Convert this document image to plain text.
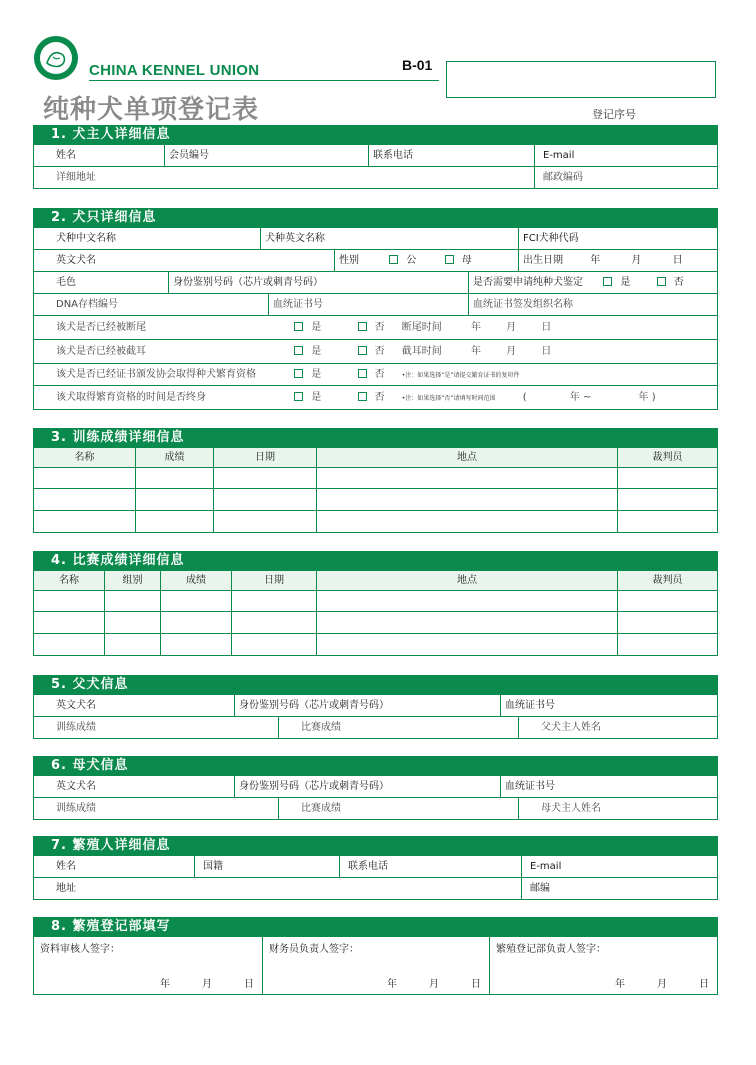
CHINA KENNEL UNION	B-01
登记序号
纯种犬单项登记表
1. 犬主人详细信息
姓名	会员编号	联系电话	E-mail
详细地址	邮政编码
2. 犬只详细信息
犬种中文名称	犬种英文名称	FCI犬种代码
英文犬名	性别	公	母	出生日期	年	月	日
毛色	身份鉴别号码（芯片或刺青号码）	是否需要申请纯种犬鉴定	是	否
DNA存档编号	血统证书号	血统证书签发组织名称
该犬是否已经被断尾	是	否 断尾时间	年	月	日
该犬是否已经被截耳	是	否 截耳时间	年	月	日
该犬是否已经证书颁发协会取得种犬繁育资格	是	否	•注：如果选择“是”请提交繁育证书的复印件
该犬取得繁育资格的时间是否终身	是	否	•注：如果选择“否”请填写时间范围	(	年 ~	年 )
3. 训练成绩详细信息
名称	成绩	日期	地点	裁判员
4. 比赛成绩详细信息
名称	组别	成绩	日期	地点	裁判员
5. 父犬信息
英文犬名	身份鉴别号码（芯片或刺青号码）	血统证书号
训练成绩	比赛成绩	父犬主人姓名
6. 母犬信息
英文犬名	身份鉴别号码（芯片或刺青号码）	血统证书号
训练成绩	比赛成绩	母犬主人姓名
7. 繁殖人详细信息
姓名	国籍	联系电话	E-mail
地址	邮编
8. 繁殖登记部填写
资料审核人签字：
年	月	日
财务员负责人签字：
年	月	日
繁殖登记部负责人签字：
年	月	日
